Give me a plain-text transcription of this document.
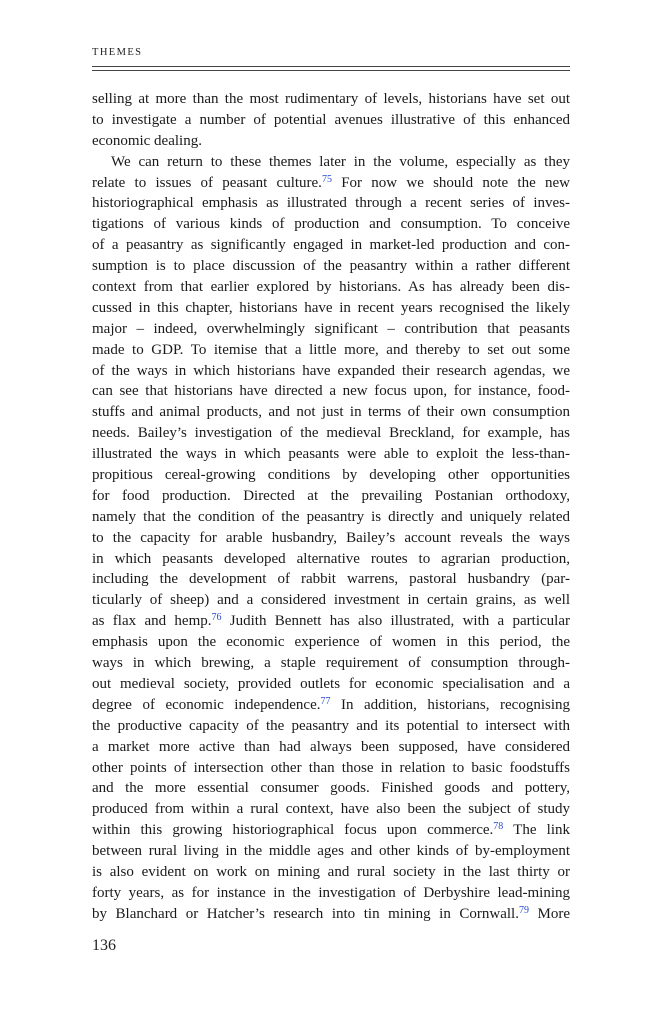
THEMES
selling at more than the most rudimentary of levels, historians have set out
to investigate a number of potential avenues illustrative of this enhanced
economic dealing.
We can return to these themes later in the volume, especially as they
relate to issues of peasant culture.$^{75}$ For now we should note the new
historiographical emphasis as illustrated through a recent series of inves-
tigations of various kinds of production and consumption. To conceive
of a peasantry as significantly engaged in market-led production and con-
sumption is to place discussion of the peasantry within a rather different
context from that earlier explored by historians. As has already been dis-
cussed in this chapter, historians have in recent years recognised the likely
major – indeed, overwhelmingly significant – contribution that peasants
made to GDP. To itemise that a little more, and thereby to set out some
of the ways in which historians have expanded their research agendas, we
can see that historians have directed a new focus upon, for instance, food-
stuffs and animal products, and not just in terms of their own consumption
needs. Bailey’s investigation of the medieval Breckland, for example, has
illustrated the ways in which peasants were able to exploit the less-than-
propitious cereal-growing conditions by developing other opportunities
for food production. Directed at the prevailing Postanian orthodoxy,
namely that the condition of the peasantry is directly and uniquely related
to the capacity for arable husbandry, Bailey’s account reveals the ways
in which peasants developed alternative routes to agrarian production,
including the development of rabbit warrens, pastoral husbandry (par-
ticularly of sheep) and a considered investment in certain grains, as well
as flax and hemp.$^{76}$ Judith Bennett has also illustrated, with a particular
emphasis upon the economic experience of women in this period, the
ways in which brewing, a staple requirement of consumption through-
out medieval society, provided outlets for economic specialisation and a
degree of economic independence.$^{77}$ In addition, historians, recognising
the productive capacity of the peasantry and its potential to intersect with
a market more active than had always been supposed, have considered
other points of intersection other than those in relation to basic foodstuffs
and the more essential consumer goods. Finished goods and pottery,
produced from within a rural context, have also been the subject of study
within this growing historiographical focus upon commerce.$^{78}$ The link
between rural living in the middle ages and other kinds of by-employment
is also evident on work on mining and rural society in the last thirty or
forty years, as for instance in the investigation of Derbyshire lead-mining
by Blanchard or Hatcher’s research into tin mining in Cornwall.$^{79}$ More
136
